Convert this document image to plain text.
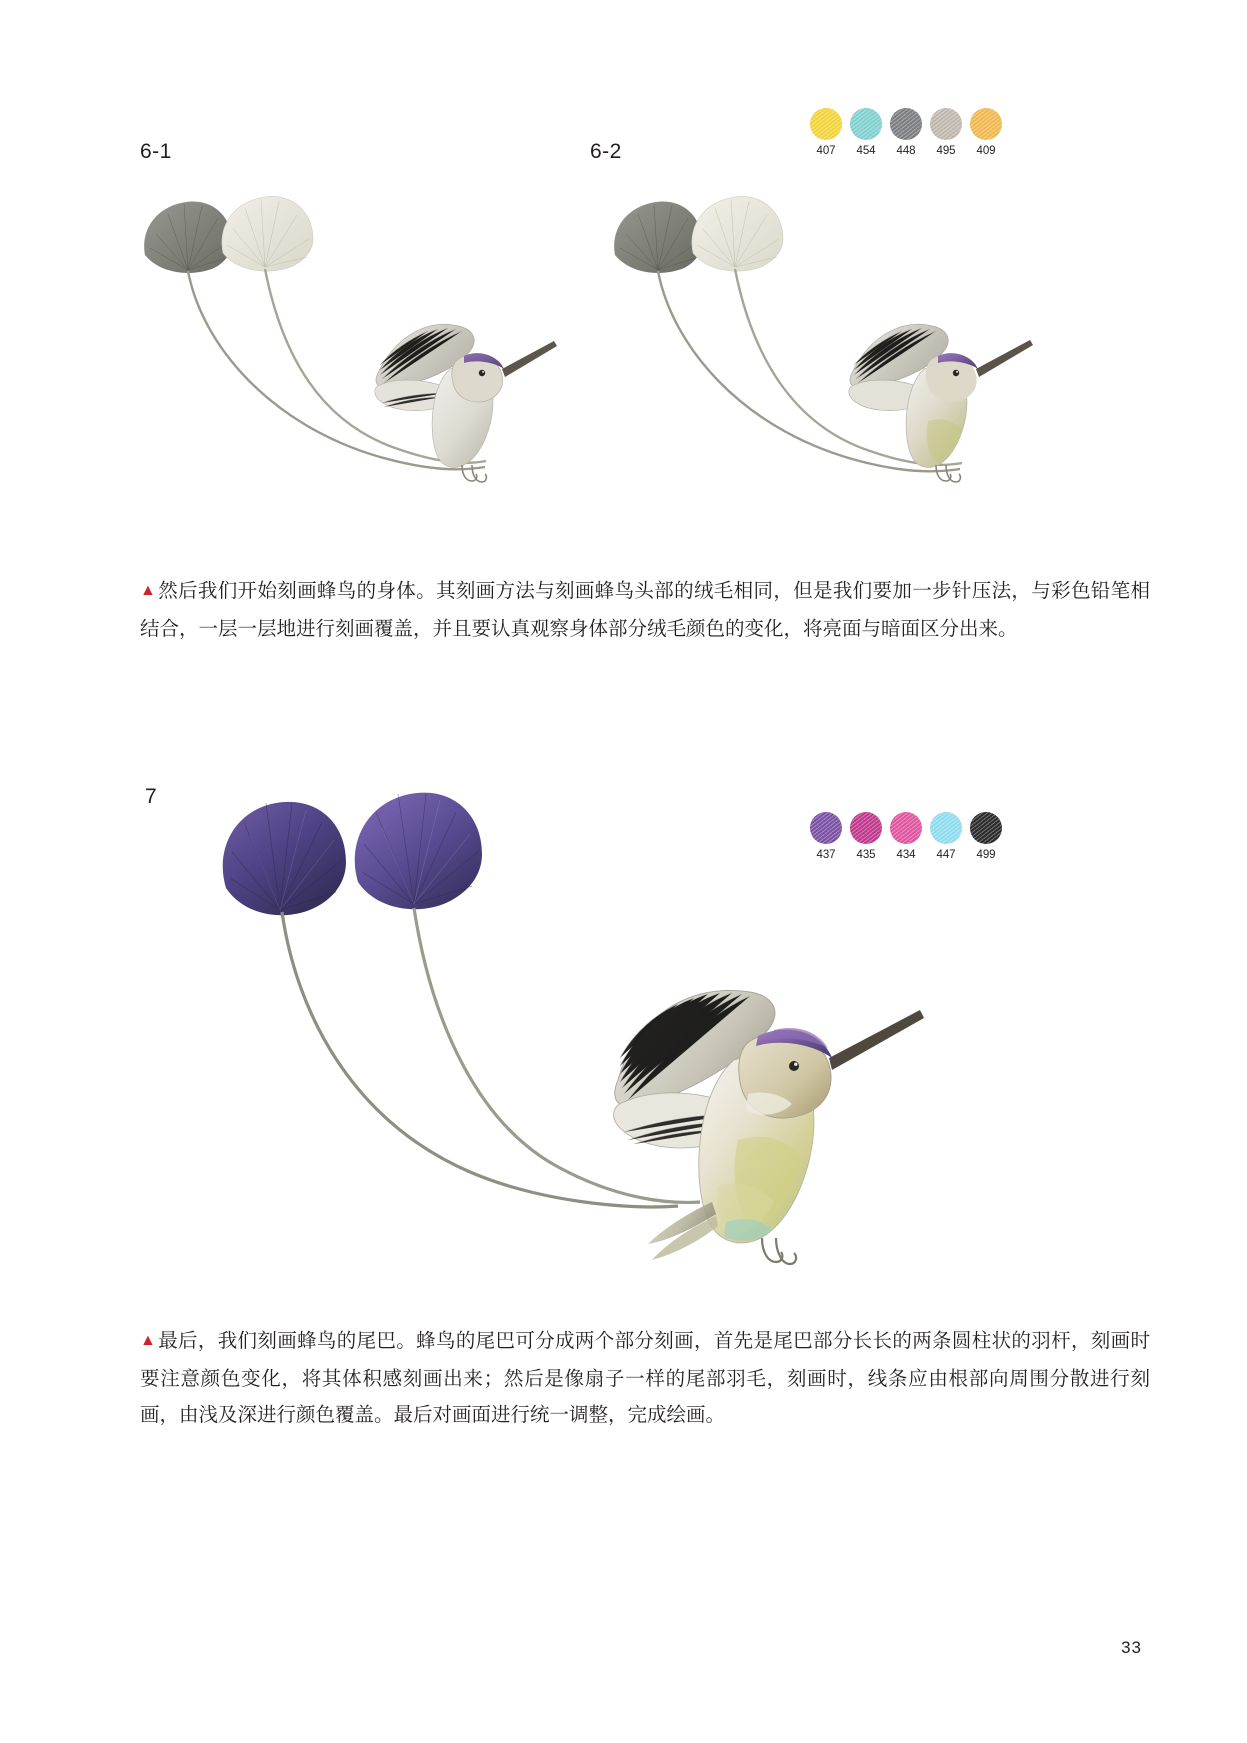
6-1	6-2
7
407	454	448	495	409
437	435	434	447	499

▲ 然后我们开始刻画蜂鸟的身体。其刻画方法与刻画蜂鸟头部的绒毛相同，但是我们要加一步针压法，与彩色铅笔相结合，一层一层地进行刻画覆盖，并且要认真观察身体部分绒毛颜色的变化，将亮面与暗面区分出来。

▲ 最后，我们刻画蜂鸟的尾巴。蜂鸟的尾巴可分成两个部分刻画，首先是尾巴部分长长的两条圆柱状的羽杆，刻画时要注意颜色变化，将其体积感刻画出来；然后是像扇子一样的尾部羽毛，刻画时，线条应由根部向周围分散进行刻画，由浅及深进行颜色覆盖。最后对画面进行统一调整，完成绘画。

33
